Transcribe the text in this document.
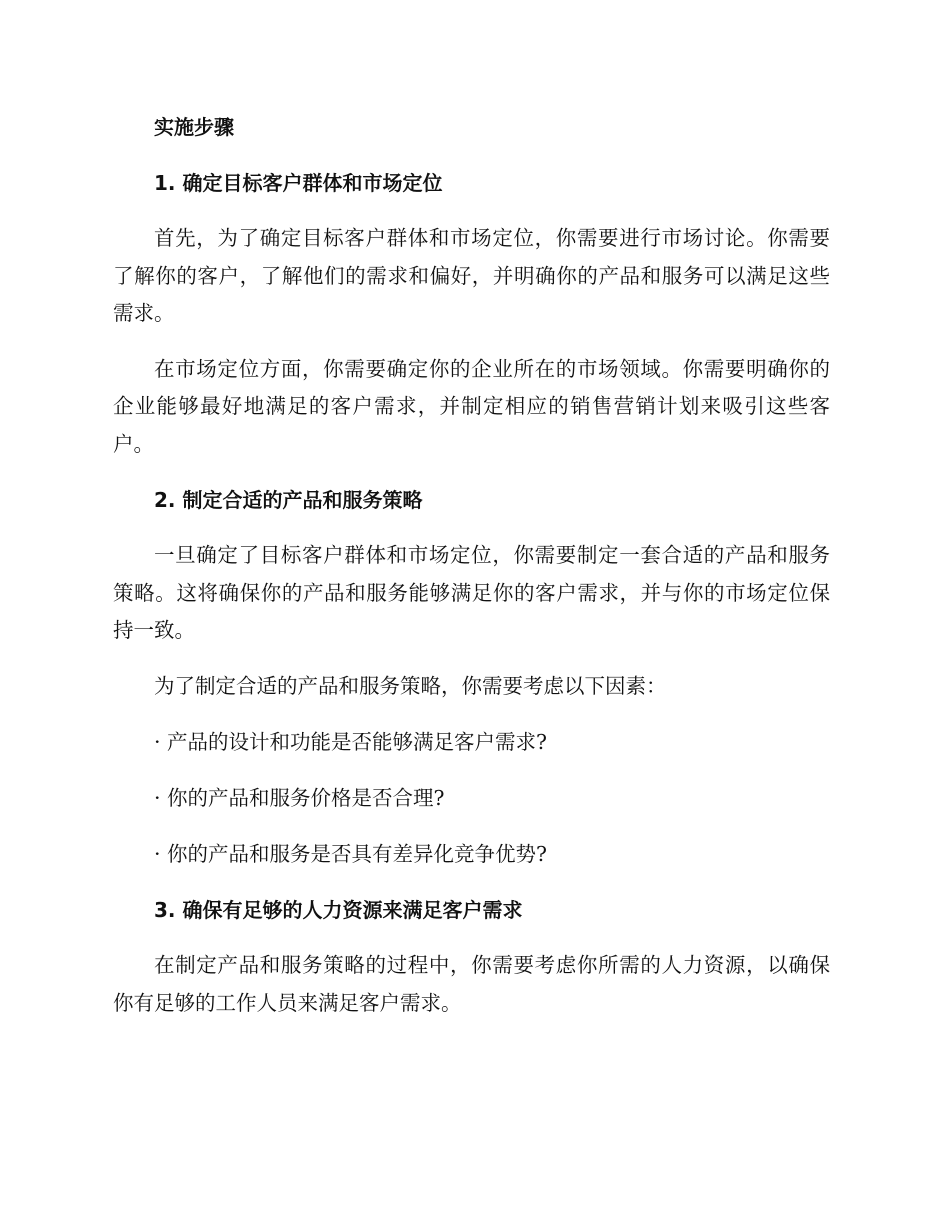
实施步骤
1. 确定目标客户群体和市场定位

首先，为了确定目标客户群体和市场定位，你需要进行市场讨论。你需要了解你的客户，了解他们的需求和偏好，并明确你的产品和服务可以满足这些需求。

在市场定位方面，你需要确定你的企业所在的市场领域。你需要明确你的企业能够最好地满足的客户需求，并制定相应的销售营销计划来吸引这些客户。

2. 制定合适的产品和服务策略

一旦确定了目标客户群体和市场定位，你需要制定一套合适的产品和服务策略。这将确保你的产品和服务能够满足你的客户需求，并与你的市场定位保持一致。

为了制定合适的产品和服务策略，你需要考虑以下因素：

· 产品的设计和功能是否能够满足客户需求?
· 你的产品和服务价格是否合理?
· 你的产品和服务是否具有差异化竞争优势?
3. 确保有足够的人力资源来满足客户需求

在制定产品和服务策略的过程中，你需要考虑你所需的人力资源，以确保你有足够的工作人员来满足客户需求。
